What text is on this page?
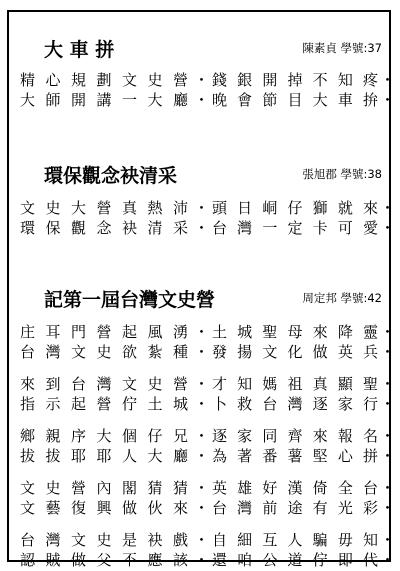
大 車 拼	陳素貞 學號:37
精心規劃文史營 ・ 錢銀開掉不知疼 ・
大師開講一大廳 ・ 晚會節目大車拚 ・
環保觀念袂清采	張旭郡 學號:38
文史大營真熱沛 ・ 頭日峒仔獅就來 ・
環保觀念袂清采 ・ 台灣一定卡可愛 ・
記第一屆台灣文史營	周定邦 學號:42
庄耳門營起風湧 ・ 土城聖母來降靈 ・
台灣文史欲紮種 ・ 發揚文化做英兵 ・
來到台灣文史營 ・ 才知媽祖真顯聖 ・
指示起營佇土城 ・ 卜救台灣逐家行 ・
鄉親序大個仔兄 ・ 逐家同齊來報名 ・
拔拔耶耶人大廳 ・ 為著番薯堅心拼 ・
文史營內閣猜猜 ・ 英雄好漢倚全台 ・
文藝復興做伙來 ・ 台灣前途有光彩 ・
台灣文史是袂戲 ・ 自細互人騙毋知 ・
認賊做父不應該 ・ 還咱公道佇即代 ・
